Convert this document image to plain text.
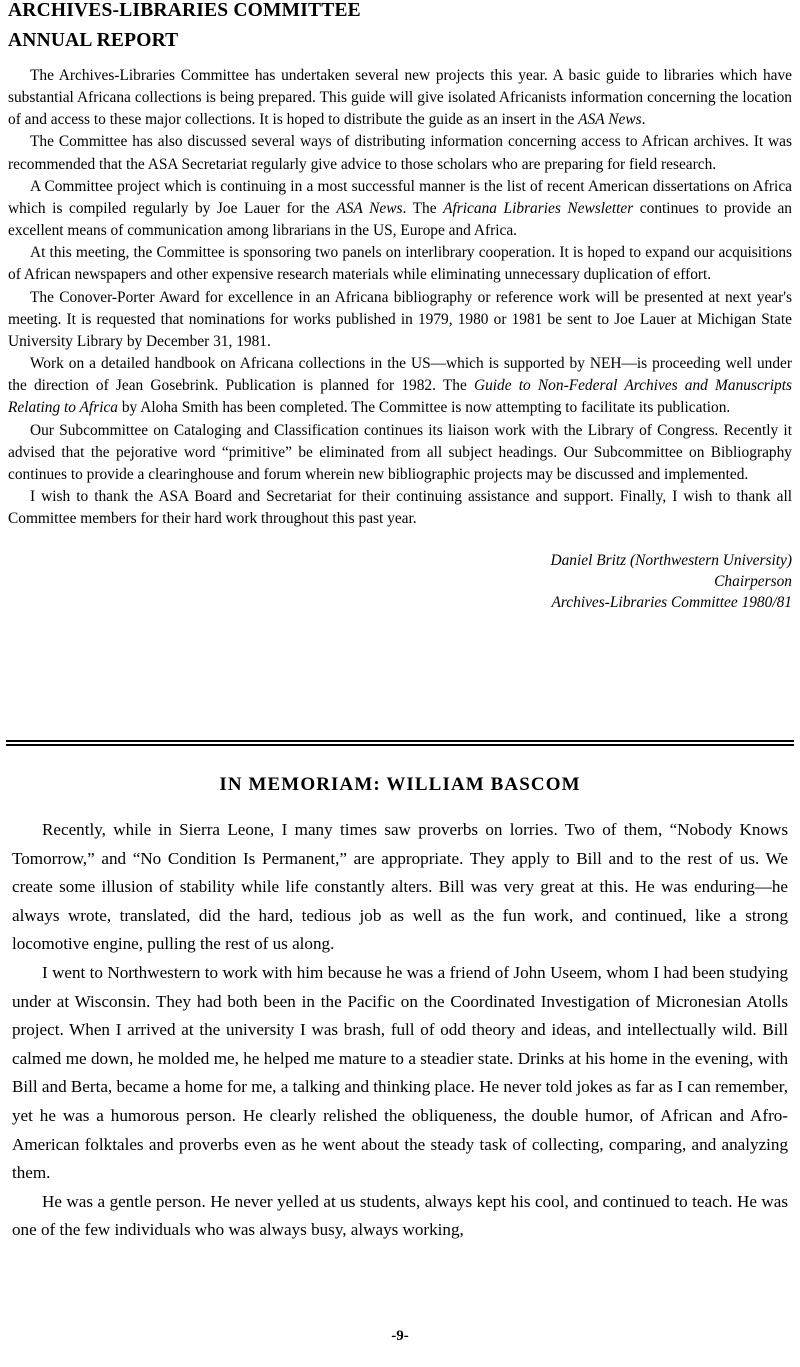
ARCHIVES-LIBRARIES COMMITTEE
ANNUAL REPORT

The Archives-Libraries Committee has undertaken several new projects this year. A basic guide to libraries which have substantial Africana collections is being prepared. This guide will give isolated Africanists information concerning the location of and access to these major collections. It is hoped to distribute the guide as an insert in the ASA News.

The Committee has also discussed several ways of distributing information concerning access to African archives. It was recommended that the ASA Secretariat regularly give advice to those scholars who are preparing for field research.

A Committee project which is continuing in a most successful manner is the list of recent American dissertations on Africa which is compiled regularly by Joe Lauer for the ASA News. The Africana Libraries Newsletter continues to provide an excellent means of communication among librarians in the US, Europe and Africa.

At this meeting, the Committee is sponsoring two panels on interlibrary cooperation. It is hoped to expand our acquisitions of African newspapers and other expensive research materials while eliminating unnecessary duplication of effort.

The Conover-Porter Award for excellence in an Africana bibliography or reference work will be presented at next year's meeting. It is requested that nominations for works published in 1979, 1980 or 1981 be sent to Joe Lauer at Michigan State University Library by December 31, 1981.

Work on a detailed handbook on Africana collections in the US—which is supported by NEH—is proceeding well under the direction of Jean Gosebrink. Publication is planned for 1982. The Guide to Non-Federal Archives and Manuscripts Relating to Africa by Aloha Smith has been completed. The Committee is now attempting to facilitate its publication.

Our Subcommittee on Cataloging and Classification continues its liaison work with the Library of Congress. Recently it advised that the pejorative word “primitive” be eliminated from all subject headings. Our Subcommittee on Bibliography continues to provide a clearinghouse and forum wherein new bibliographic projects may be discussed and implemented.

I wish to thank the ASA Board and Secretariat for their continuing assistance and support. Finally, I wish to thank all Committee members for their hard work throughout this past year.

Daniel Britz (Northwestern University)
Chairperson
Archives-Libraries Committee 1980/81
IN MEMORIAM: WILLIAM BASCOM

Recently, while in Sierra Leone, I many times saw proverbs on lorries. Two of them, “Nobody Knows Tomorrow,” and “No Condition Is Permanent,” are appropriate. They apply to Bill and to the rest of us. We create some illusion of stability while life constantly alters. Bill was very great at this. He was enduring—he always wrote, translated, did the hard, tedious job as well as the fun work, and continued, like a strong locomotive engine, pulling the rest of us along.

I went to Northwestern to work with him because he was a friend of John Useem, whom I had been studying under at Wisconsin. They had both been in the Pacific on the Coordinated Investigation of Micronesian Atolls project. When I arrived at the university I was brash, full of odd theory and ideas, and intellectually wild. Bill calmed me down, he molded me, he helped me mature to a steadier state. Drinks at his home in the evening, with Bill and Berta, became a home for me, a talking and thinking place. He never told jokes as far as I can remember, yet he was a humorous person. He clearly relished the obliqueness, the double humor, of African and Afro-American folktales and proverbs even as he went about the steady task of collecting, comparing, and analyzing them.

He was a gentle person. He never yelled at us students, always kept his cool, and continued to teach. He was one of the few individuals who was always busy, always working,

-9-
